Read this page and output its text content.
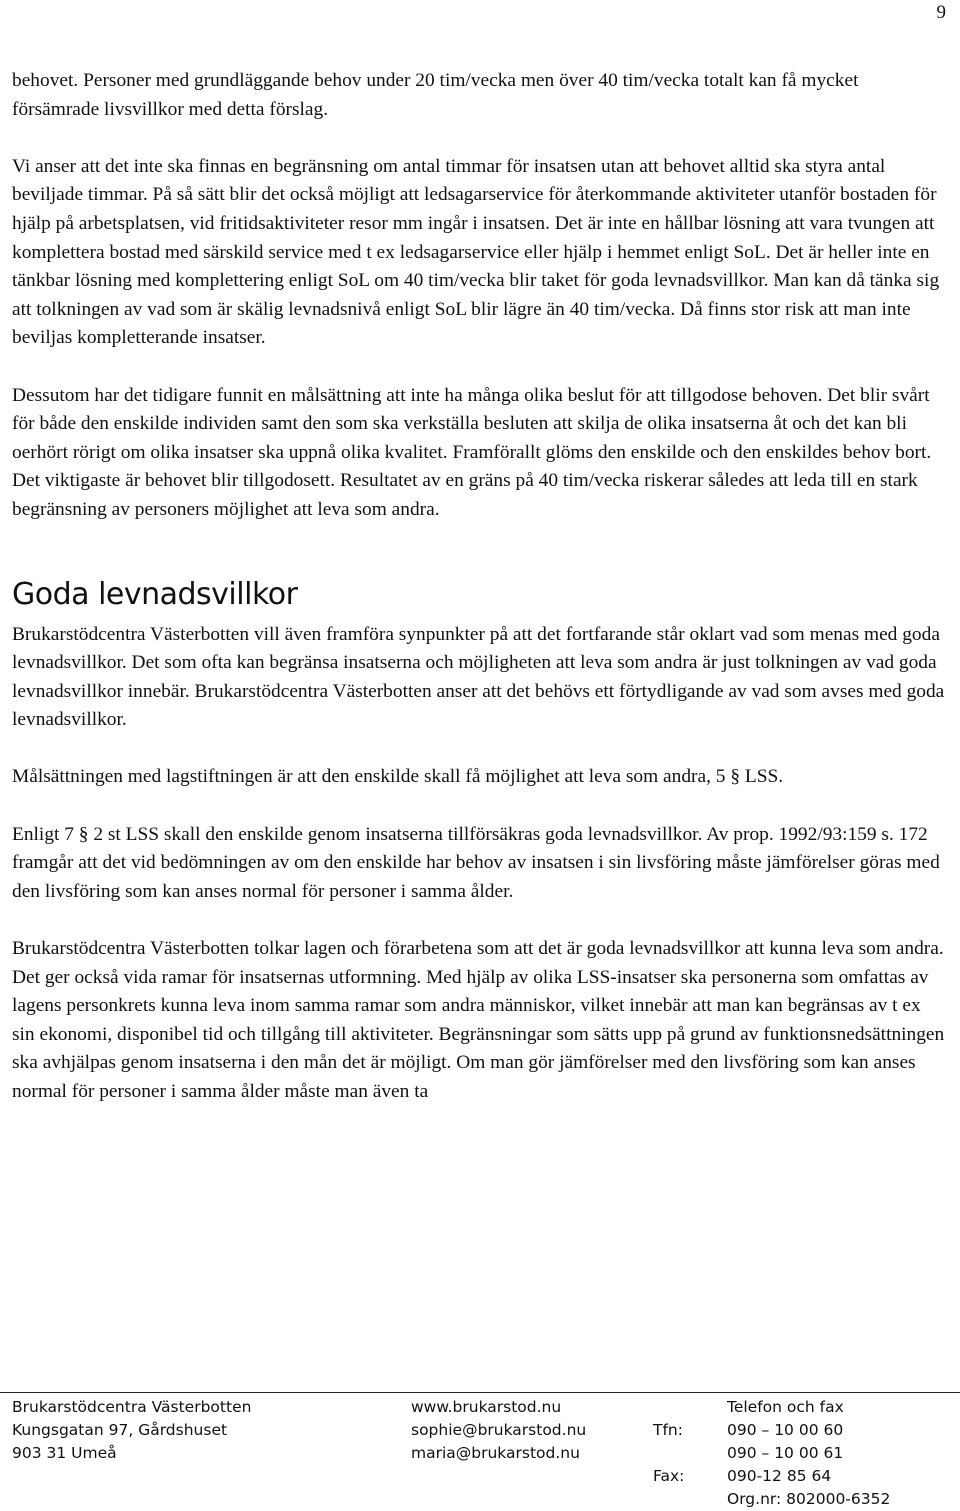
9

behovet. Personer med grundläggande behov under 20 tim/vecka men över 40 tim/vecka totalt kan få mycket försämrade livsvillkor med detta förslag.

Vi anser att det inte ska finnas en begränsning om antal timmar för insatsen utan att behovet alltid ska styra antal beviljade timmar. På så sätt blir det också möjligt att ledsagarservice för återkommande aktiviteter utanför bostaden för hjälp på arbetsplatsen, vid fritidsaktiviteter resor mm ingår i insatsen. Det är inte en hållbar lösning att vara tvungen att komplettera bostad med särskild service med t ex ledsagarservice eller hjälp i hemmet enligt SoL. Det är heller inte en tänkbar lösning med komplettering enligt SoL om 40 tim/vecka blir taket för goda levnadsvillkor. Man kan då tänka sig att tolkningen av vad som är skälig levnadsnivå enligt SoL blir lägre än 40 tim/vecka. Då finns stor risk att man inte beviljas kompletterande insatser.

Dessutom har det tidigare funnit en målsättning att inte ha många olika beslut för att tillgodose behoven. Det blir svårt för både den enskilde individen samt den som ska verkställa besluten att skilja de olika insatserna åt och det kan bli oerhört rörigt om olika insatser ska uppnå olika kvalitet. Framförallt glöms den enskilde och den enskildes behov bort. Det viktigaste är behovet blir tillgodosett. Resultatet av en gräns på 40 tim/vecka riskerar således att leda till en stark begränsning av personers möjlighet att leva som andra.

Goda levnadsvillkor

Brukarstödcentra Västerbotten vill även framföra synpunkter på att det fortfarande står oklart vad som menas med goda levnadsvillkor. Det som ofta kan begränsa insatserna och möjligheten att leva som andra är just tolkningen av vad goda levnadsvillkor innebär. Brukarstödcentra Västerbotten anser att det behövs ett förtydligande av vad som avses med goda levnadsvillkor.

Målsättningen med lagstiftningen är att den enskilde skall få möjlighet att leva som andra, 5 § LSS.

Enligt 7 § 2 st LSS skall den enskilde genom insatserna tillförsäkras goda levnadsvillkor. Av prop. 1992/93:159 s. 172 framgår att det vid bedömningen av om den enskilde har behov av insatsen i sin livsföring måste jämförelser göras med den livsföring som kan anses normal för personer i samma ålder.

Brukarstödcentra Västerbotten tolkar lagen och förarbetena som att det är goda levnadsvillkor att kunna leva som andra. Det ger också vida ramar för insatsernas utformning. Med hjälp av olika LSS-insatser ska personerna som omfattas av lagens personkrets kunna leva inom samma ramar som andra människor, vilket innebär att man kan begränsas av t ex sin ekonomi, disponibel tid och tillgång till aktiviteter. Begränsningar som sätts upp på grund av funktionsnedsättningen ska avhjälpas genom insatserna i den mån det är möjligt. Om man gör jämförelser med den livsföring som kan anses normal för personer i samma ålder måste man även ta

Brukarstödcentra Västerbotten
Kungsgatan 97, Gårdshuset
903 31 Umeå
www.brukarstod.nu
sophie@brukarstod.nu
maria@brukarstod.nu
Tfn:
Fax:
Telefon och fax
090 – 10 00 60
090 – 10 00 61
090-12 85 64
Org.nr: 802000-6352
